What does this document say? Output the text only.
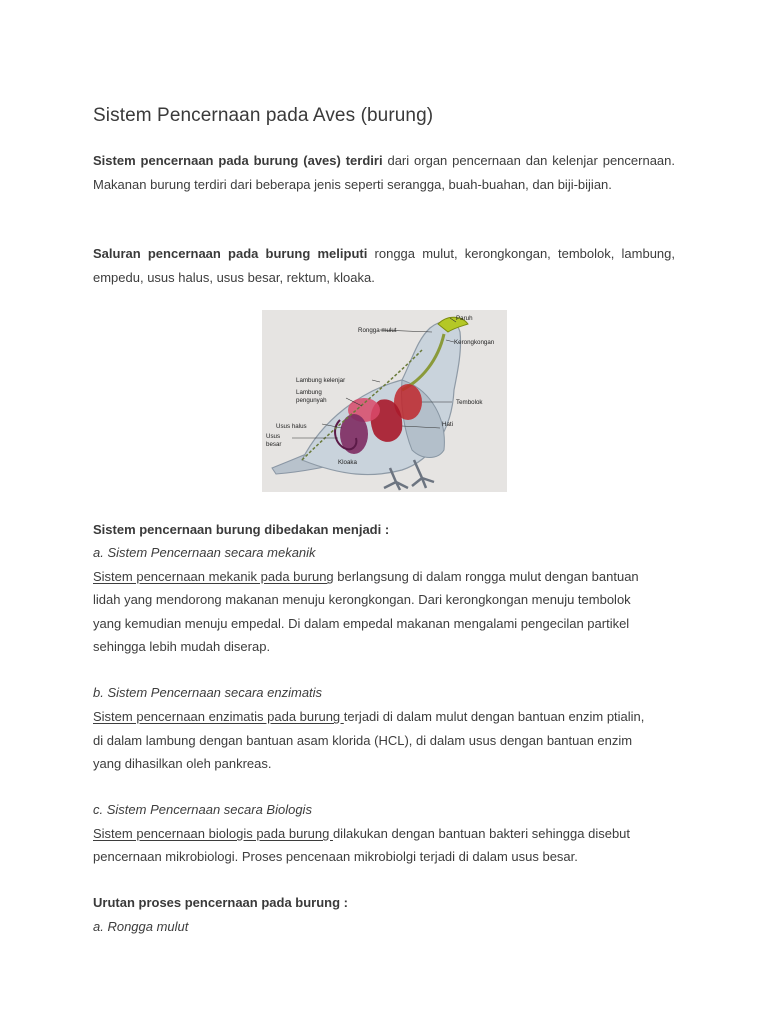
Sistem Pencernaan pada Aves (burung)

Sistem pencernaan pada burung (aves) terdiri dari organ pencernaan dan kelenjar pencernaan. Makanan burung terdiri dari beberapa jenis seperti serangga, buah-buahan, dan biji-bijian.

Saluran pencernaan pada burung meliputi rongga mulut, kerongkongan, tembolok, lambung, empedu, usus halus, usus besar, rektum, kloaka.

Paruh
Rongga mulut
Kerongkongan
Lambung kelenjar
Lambung
pengunyah	Tembolok
Usus halus
Usus
besar
Hati
Kloaka

Sistem pencernaan burung dibedakan menjadi :

a. Sistem Pencernaan secara mekanik

Sistem pencernaan mekanik pada burung berlangsung di dalam rongga mulut dengan bantuan

lidah yang mendorong makanan menuju kerongkongan. Dari kerongkongan menuju tembolok

yang kemudian menuju empedal. Di dalam empedal makanan mengalami pengecilan partikel

sehingga lebih mudah diserap.

b. Sistem Pencernaan secara enzimatis

Sistem pencernaan enzimatis pada burung terjadi di dalam mulut dengan bantuan enzim ptialin,

di dalam lambung dengan bantuan asam klorida (HCL), di dalam usus dengan bantuan enzim

yang dihasilkan oleh pankreas.

c. Sistem Pencernaan secara Biologis

Sistem pencernaan biologis pada burung dilakukan dengan bantuan bakteri sehingga disebut

pencernaan mikrobiologi. Proses pencenaan mikrobiolgi terjadi di dalam usus besar.

Urutan proses pencernaan pada burung :

a. Rongga mulut
